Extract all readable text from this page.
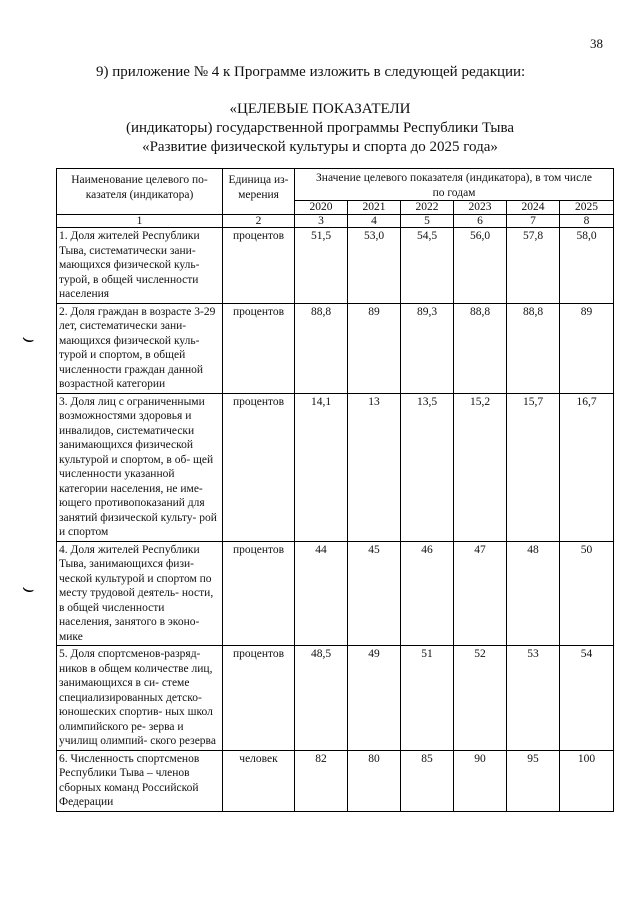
38
9) приложение № 4 к Программе изложить в следующей редакции:
«ЦЕЛЕВЫЕ ПОКАЗАТЕЛИ
(индикаторы) государственной программы Республики Тыва
«Развитие физической культуры и спорта до 2025 года»
⌣
⌣
Наименование целевого по- казателя (индикатора)	Единица из- мерения	Значение целевого показателя (индикатора), в том числе по годам					
		2020	2021	2022	2023	2024	2025
1	2	3	4	5	6	7	8
1. Доля жителей Республики Тыва, систематически зани- мающихся физической куль- турой, в общей численности населения	процентов	51,5	53,0	54,5	56,0	57,8	58,0
2. Доля граждан в возрасте 3-29 лет, систематически зани- мающихся физической куль- турой и спортом, в общей численности граждан данной возрастной категории	процентов	88,8	89	89,3	88,8	88,8	89
3. Доля лиц с ограниченными возможностями здоровья и инвалидов, систематически занимающихся физической культурой и спортом, в об- щей численности указанной категории населения, не име- ющего противопоказаний для занятий физической культу- рой и спортом	процентов	14,1	13	13,5	15,2	15,7	16,7
4. Доля жителей Республики Тыва, занимающихся физи- ческой культурой и спортом по месту трудовой деятель- ности, в общей численности населения, занятого в эконо- мике	процентов	44	45	46	47	48	50
5. Доля спортсменов-разряд- ников в общем количестве лиц, занимающихся в си- стеме специализированных детско-юношеских спортив- ных школ олимпийского ре- зерва и училищ олимпий- ского резерва	процентов	48,5	49	51	52	53	54
6. Численность спортсменов Республики Тыва – членов сборных команд Российской Федерации	человек	82	80	85	90	95	100
